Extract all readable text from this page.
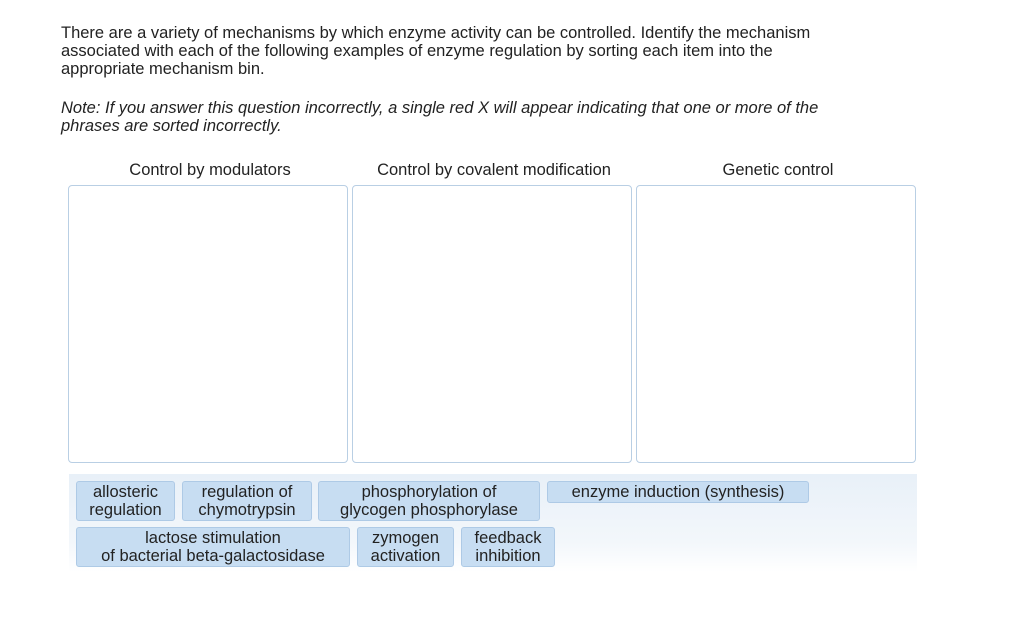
There are a variety of mechanisms by which enzyme activity can be controlled. Identify the mechanism
associated with each of the following examples of enzyme regulation by sorting each item into the
appropriate mechanism bin.
Note: If you answer this question incorrectly, a single red X will appear indicating that one or more of the
phrases are sorted incorrectly.
Control by modulators	Control by covalent modification	Genetic control
allosteric
regulation
regulation of
chymotrypsin
phosphorylation of
glycogen phosphorylase
enzyme induction (synthesis)
lactose stimulation
of bacterial beta-galactosidase
zymogen
activation
feedback
inhibition
